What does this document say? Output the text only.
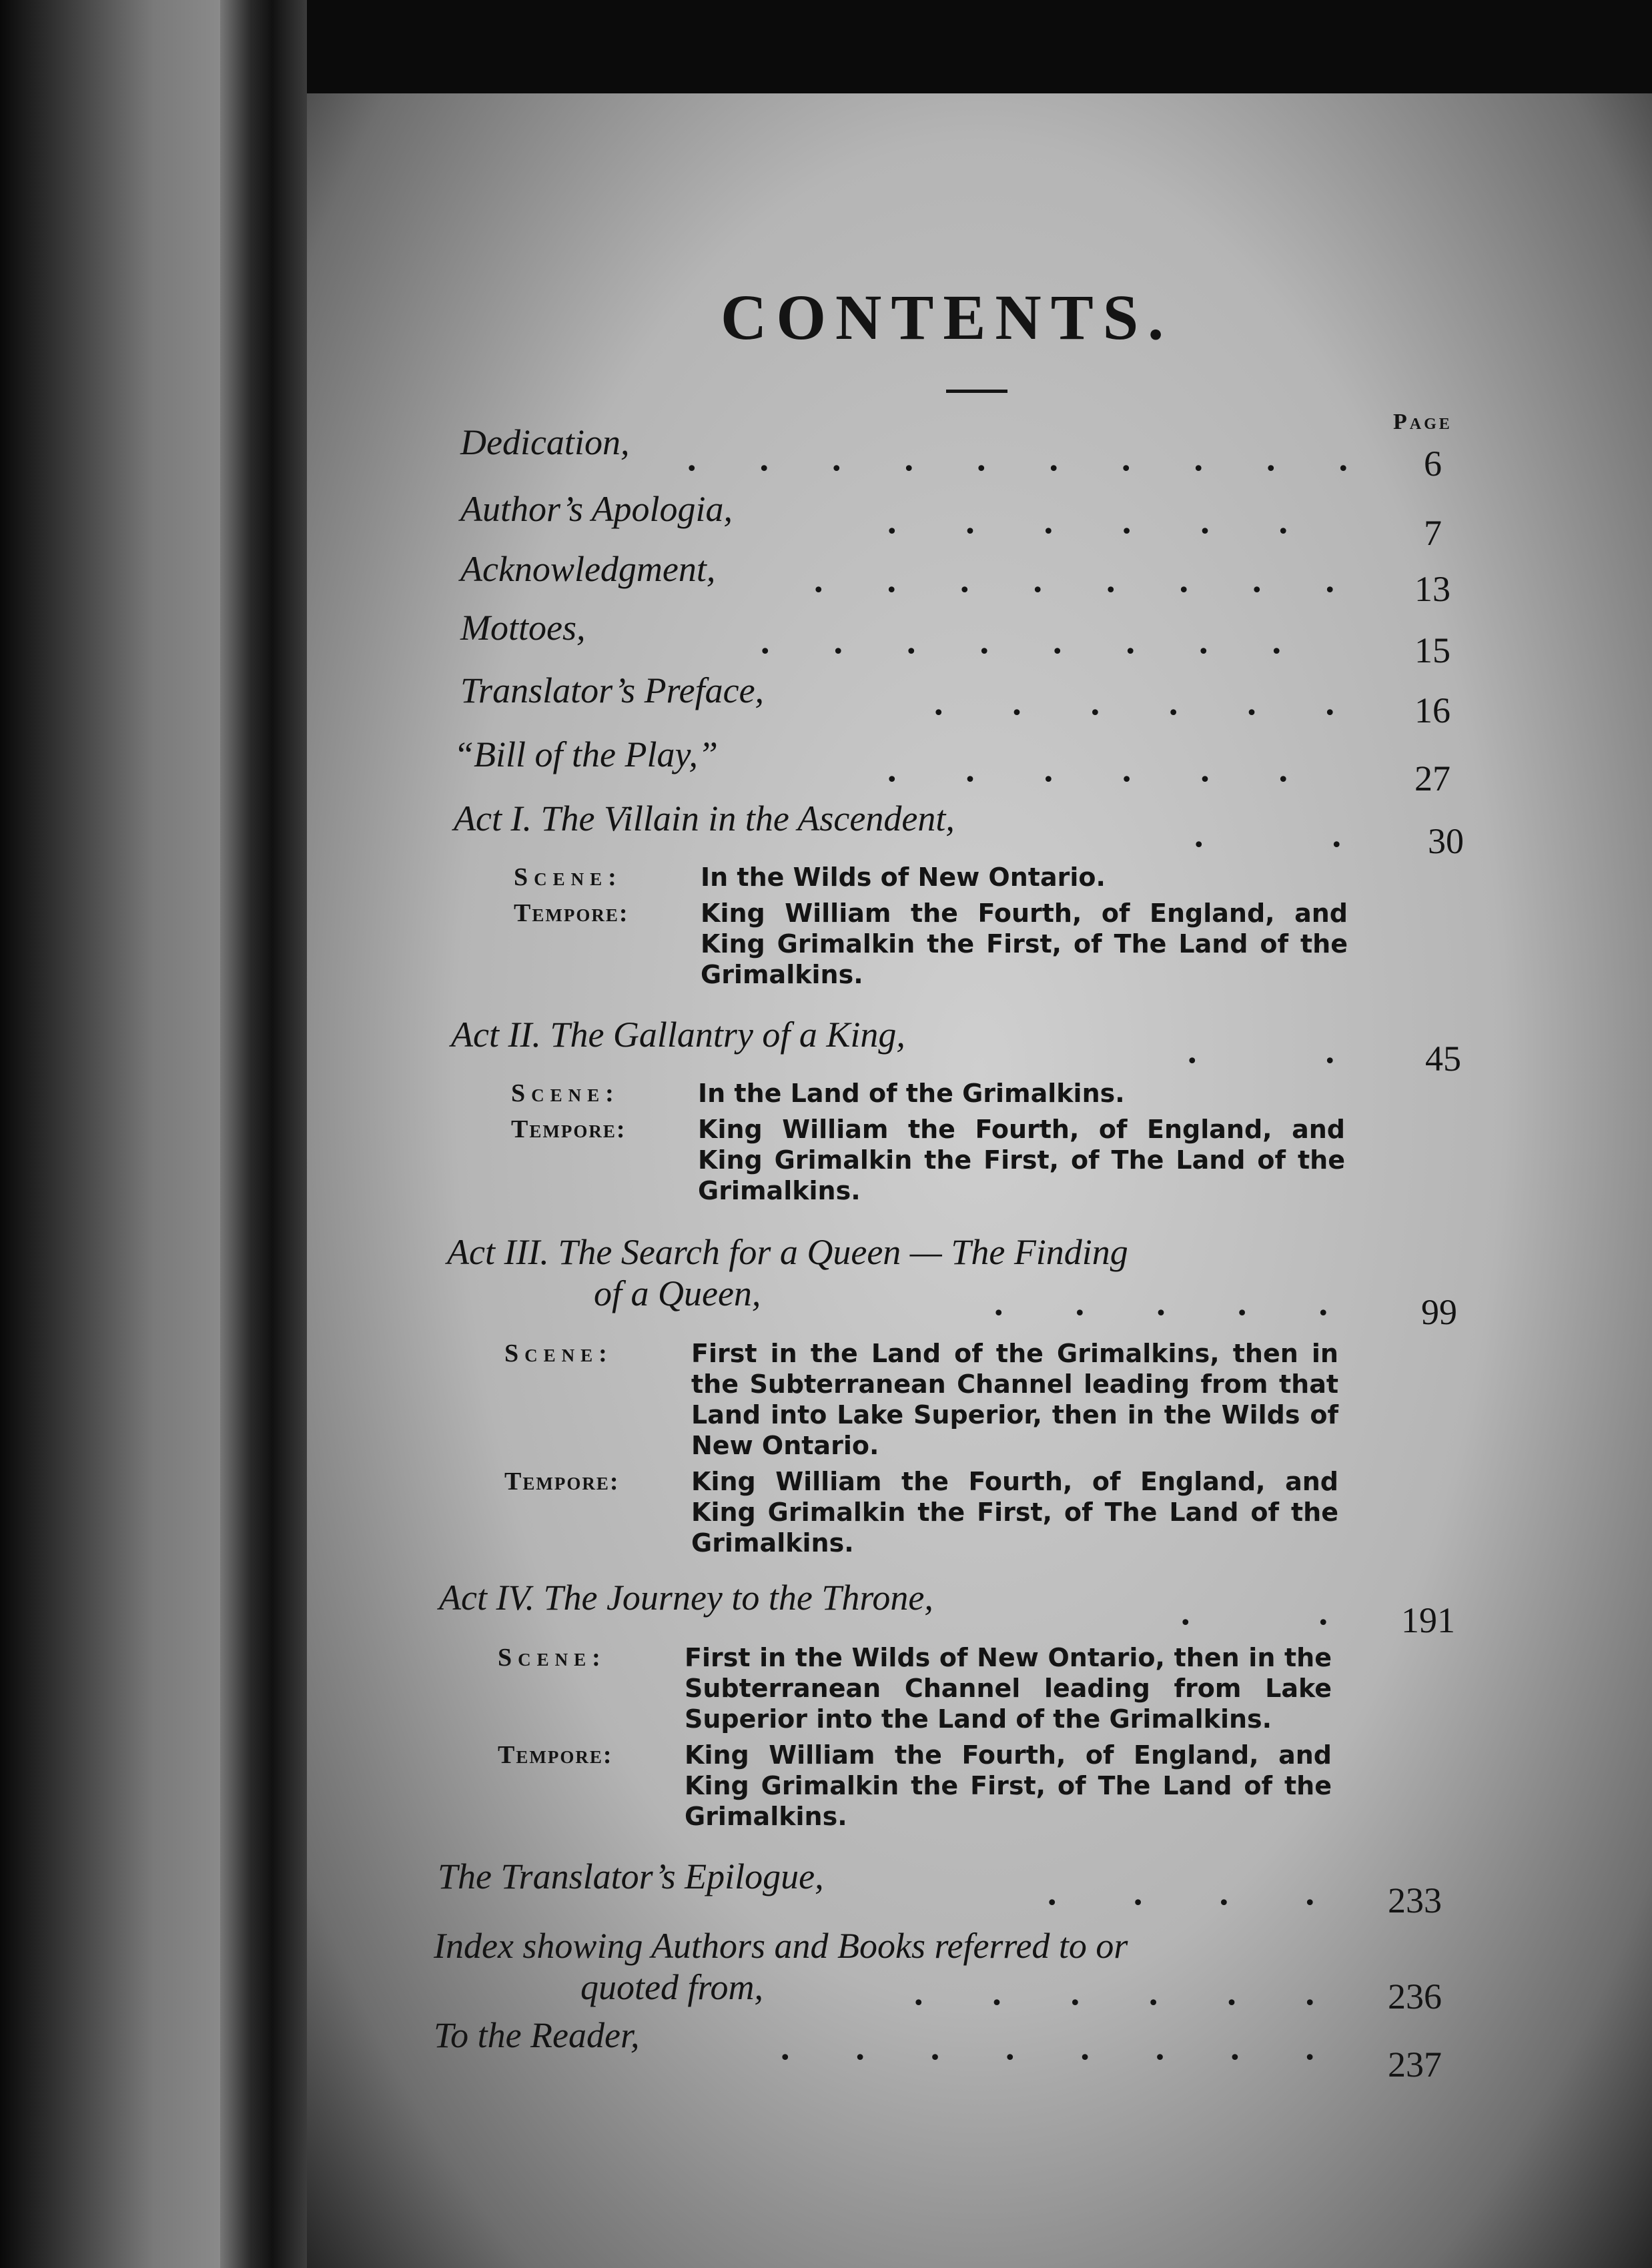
CONTENTS.
Page
Dedication, . . . . . . . . . . 6
Author’s Apologia,	. . . . . .	7
Acknowledgment,	. . . . . . . . 13
Mottoes,	. . . . . . . .	15
Translator’s Preface,	. . . . . . 16
“Bill of the Play,”	. . . . . .	27
Act I. The Villain in the Ascendent,	.	. 30
Scene:	In the Wilds of New Ontario.
Tempore:	King William the Fourth, of England, and King Grimalkin the First, of The Land of the Grimalkins.
Act II. The Gallantry of a King,	.	.	45
Scene:	In the Land of the Grimalkins.
Tempore:	King William the Fourth, of England, and King Grimalkin the First, of The Land of the Grimalkins.
Act III. The Search for a Queen — The Finding
of a Queen,	. . . . .	99
Scene:	First in the Land of the Grimalkins, then in the Subterranean Channel leading from that Land into Lake Superior, then in the Wilds of New Ontario.
Tempore:	King William the Fourth, of England, and King Grimalkin the First, of The Land of the Grimalkins.
Act IV. The Journey to the Throne,	.	. 191
Scene:	First in the Wilds of New Ontario, then in the Subterranean Channel leading from Lake Superior into the Land of the Grimalkins.
Tempore:	King William the Fourth, of England, and King Grimalkin the First, of The Land of the Grimalkins.
The Translator’s Epilogue,	. . . . 233
Index showing Authors and Books referred to or
quoted from,	. . . . . . 236
To the Reader,	. . . . . . . . 237
